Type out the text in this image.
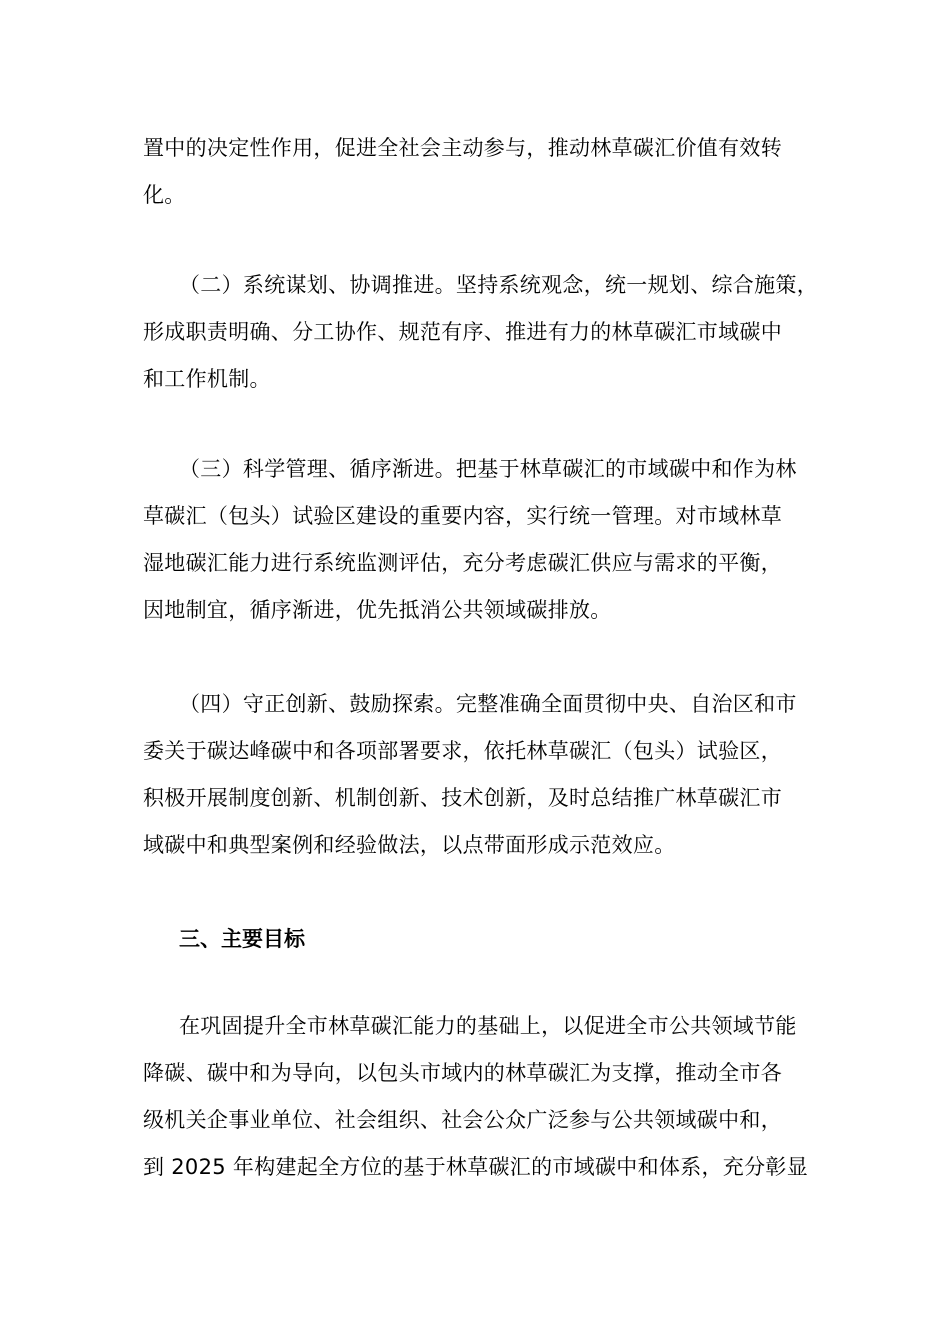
置中的决定性作用，促进全社会主动参与，推动林草碳汇价值有效转
化。

（二）系统谋划、协调推进。坚持系统观念，统一规划、综合施策，
形成职责明确、分工协作、规范有序、推进有力的林草碳汇市域碳中
和工作机制。

（三）科学管理、循序渐进。把基于林草碳汇的市域碳中和作为林
草碳汇（包头）试验区建设的重要内容，实行统一管理。对市域林草
湿地碳汇能力进行系统监测评估，充分考虑碳汇供应与需求的平衡，
因地制宜，循序渐进，优先抵消公共领域碳排放。

（四）守正创新、鼓励探索。完整准确全面贯彻中央、自治区和市
委关于碳达峰碳中和各项部署要求，依托林草碳汇（包头）试验区，
积极开展制度创新、机制创新、技术创新，及时总结推广林草碳汇市
域碳中和典型案例和经验做法，以点带面形成示范效应。

三、主要目标

在巩固提升全市林草碳汇能力的基础上，以促进全市公共领域节能
降碳、碳中和为导向，以包头市域内的林草碳汇为支撑，推动全市各
级机关企事业单位、社会组织、社会公众广泛参与公共领域碳中和，
到 2025 年构建起全方位的基于林草碳汇的市域碳中和体系，充分彰显
